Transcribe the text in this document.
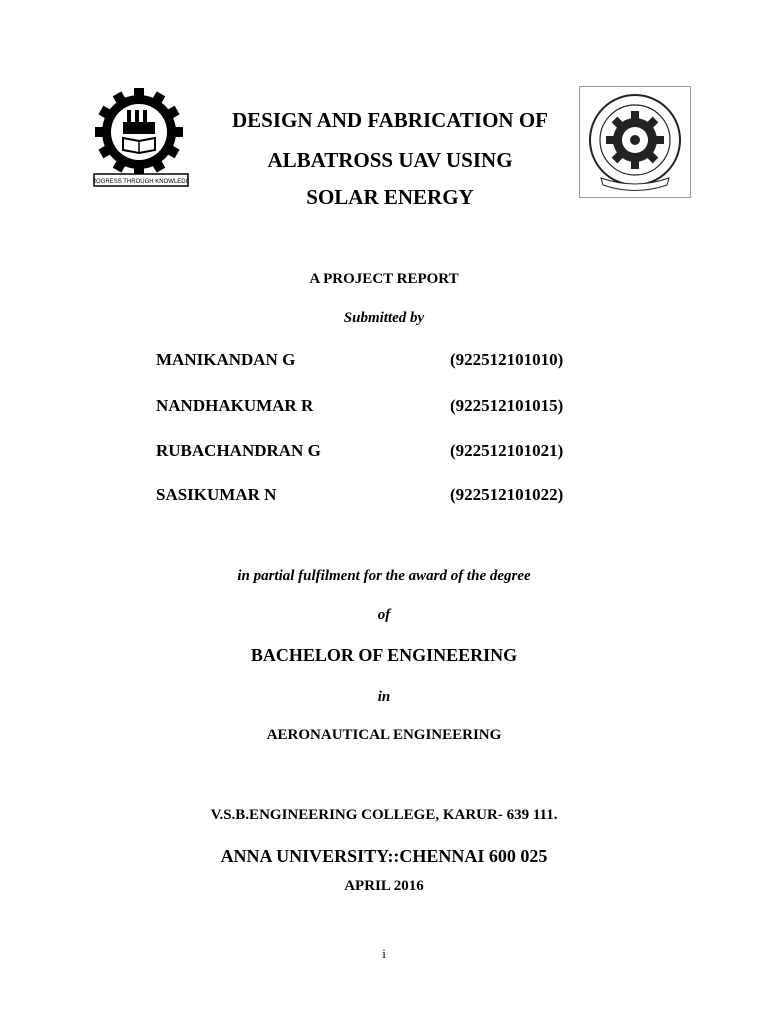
PROGRESS THROUGH KNOWLEDGE
DESIGN AND FABRICATION OF
ALBATROSS UAV USING
SOLAR ENERGY
A PROJECT REPORT
Submitted by
MANIKANDAN G	(922512101010)
NANDHAKUMAR R	(922512101015)
RUBACHANDRAN G	(922512101021)
SASIKUMAR N	(922512101022)
in partial fulfilment for the award of the degree
of
BACHELOR OF ENGINEERING
in
AERONAUTICAL ENGINEERING
V.S.B.ENGINEERING COLLEGE, KARUR- 639 111.
ANNA UNIVERSITY::CHENNAI 600 025
APRIL 2016
i
